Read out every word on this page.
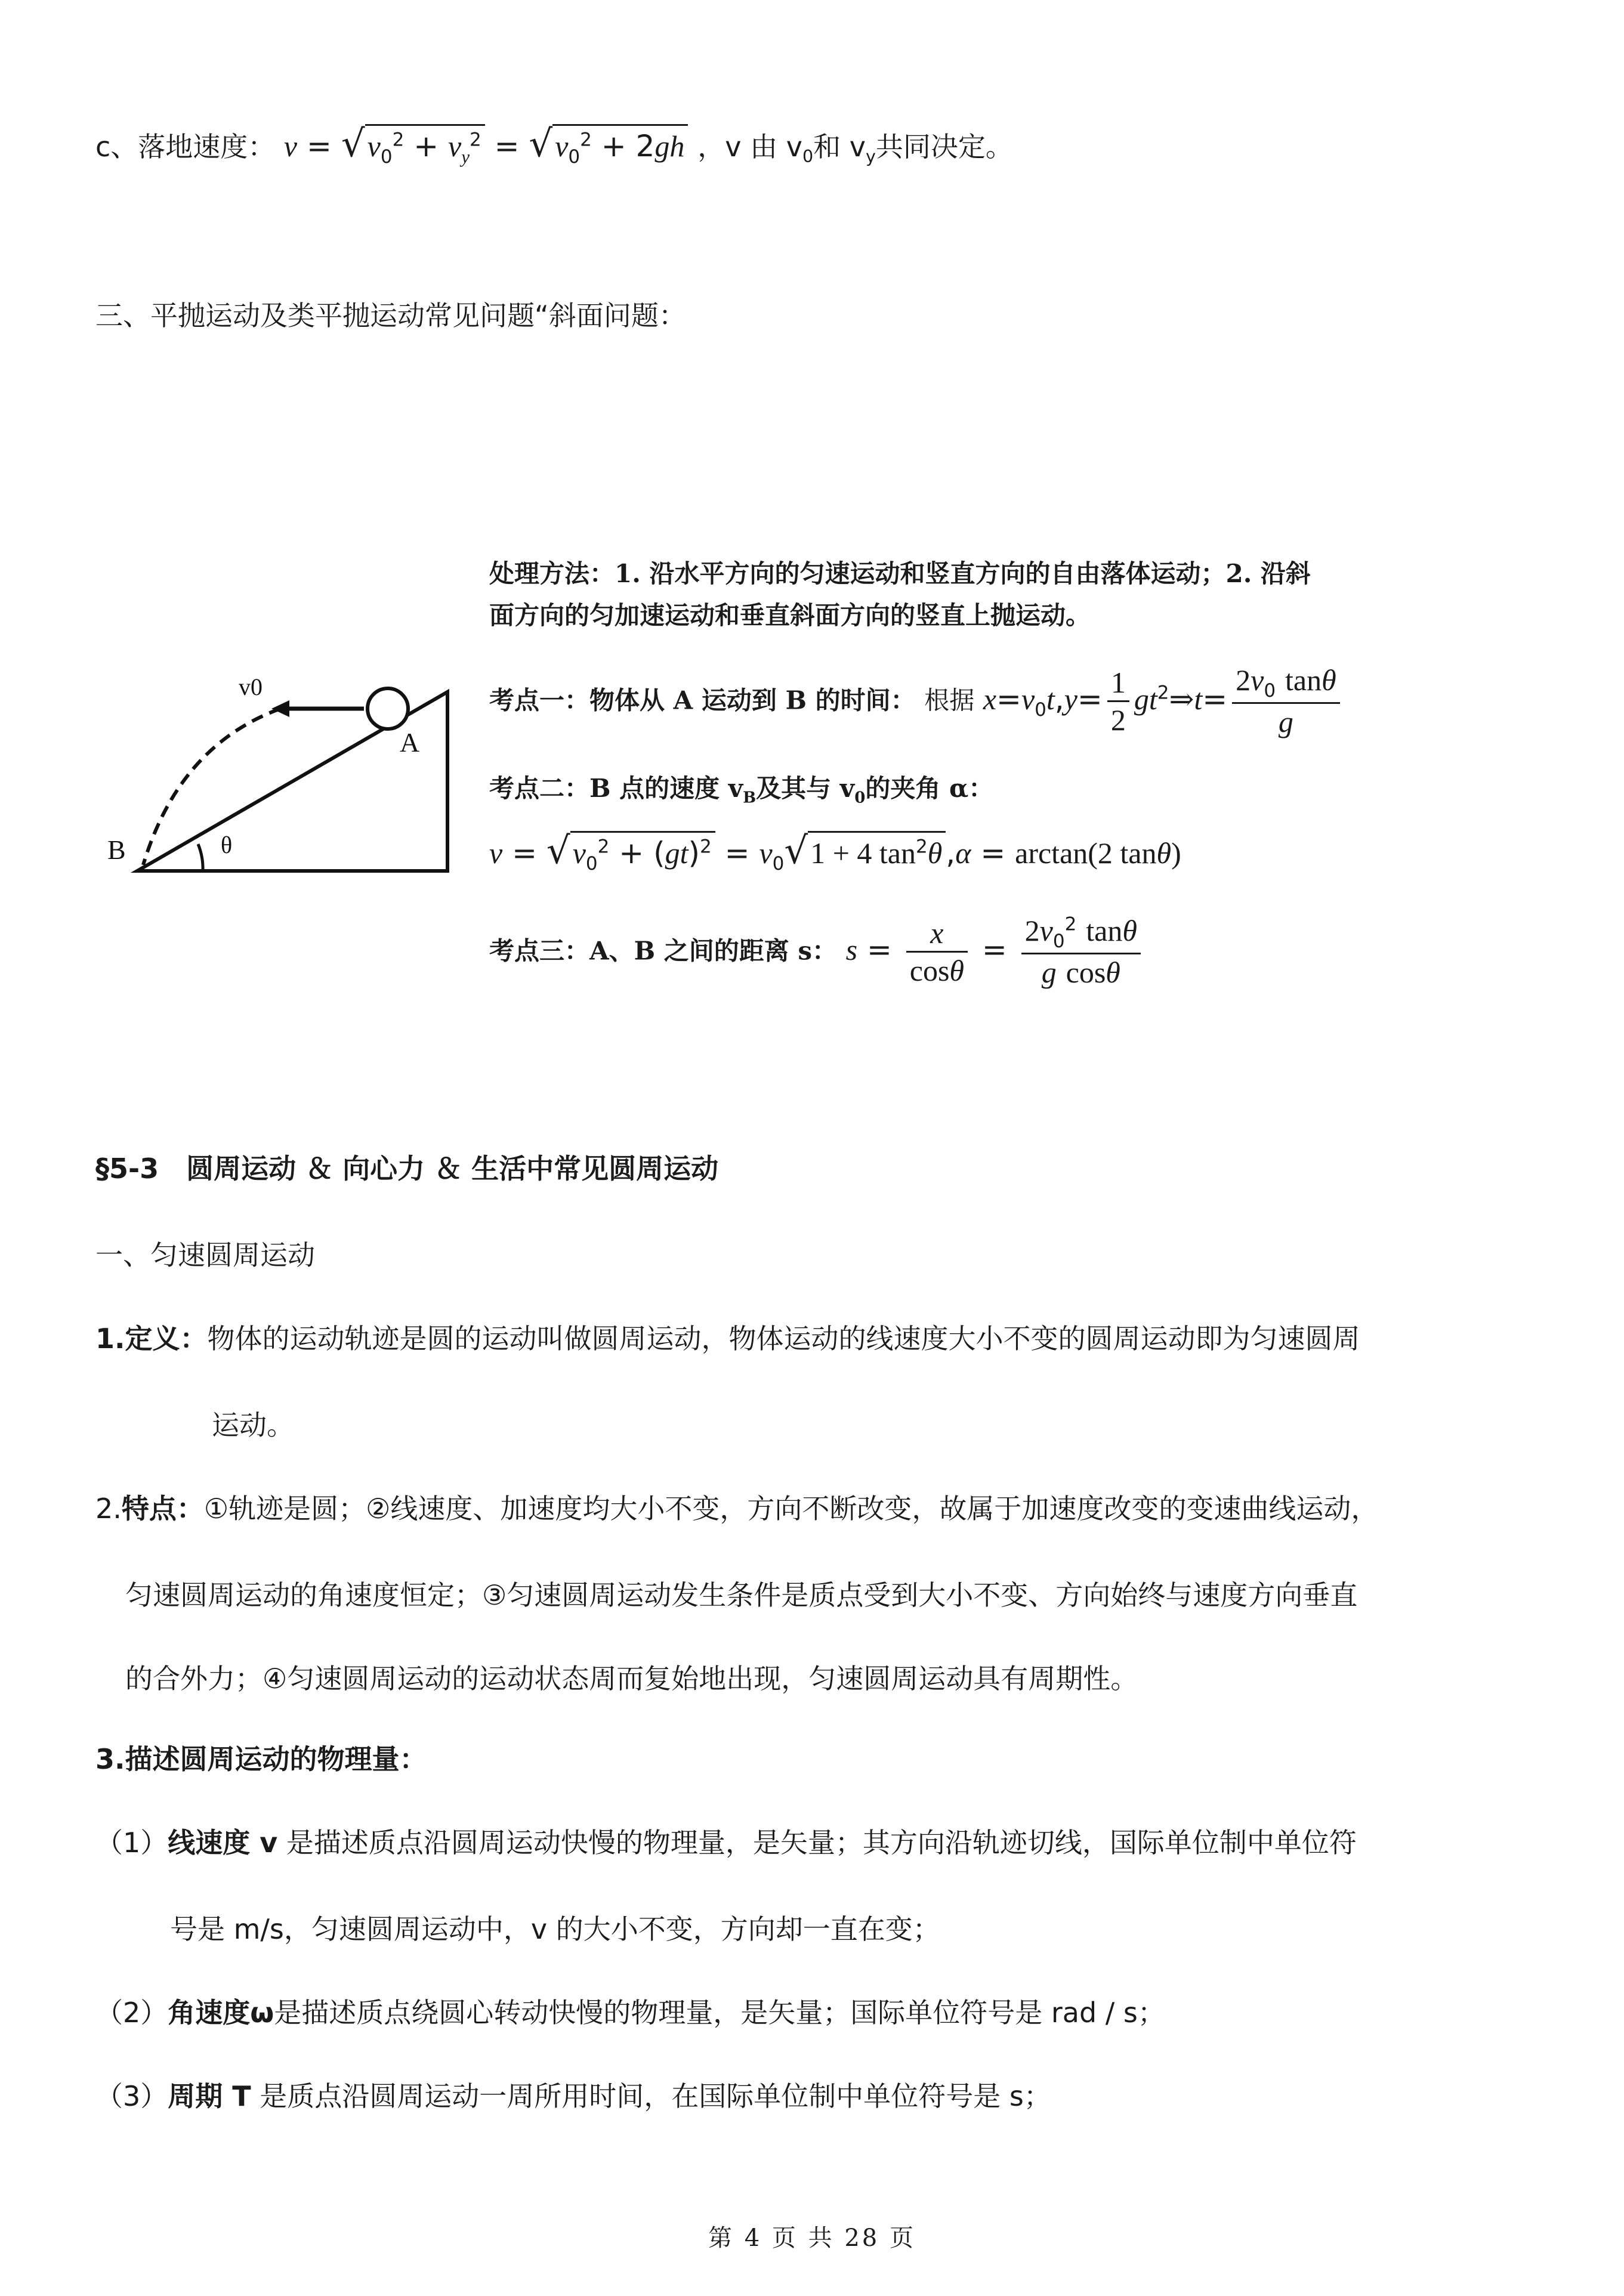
c、落地速度： $v = √v_0^2 + v_y^2 = √v_0^2 + 2gh$ ，v 由 $v_0$和 $v_y$共同决定。
三、平抛运动及类平抛运动常见问题“斜面问题：
v0
A
B	θ
处理方法：1. 沿水平方向的匀速运动和竖直方向的自由落体运动；2. 沿斜
面方向的匀加速运动和垂直斜面方向的竖直上抛运动。
考点一：物体从 A 运动到 B 的时间： 根据 $x=v_0t,y= \frac{1}{2}$ $gt^2\Rightarrow t= \frac{2v_0 \tan\theta}{g}$
考点二：B 点的速度 $v_B$及其与 $v_0$的夹角 α：
$v = √v_0^2 + (gt)^2 = v_0√1 + 4$ $\tan^2\theta$ ,α = arctan(2 tanθ)
考点三：A、B 之间的距离 s： $s = \frac{x}{\cos\theta} = \frac{2v_0^2 \tan\theta}{\text{g cosθ}}$
§5-3　圆周运动 ＆ 向心力 ＆ 生活中常见圆周运动
一、匀速圆周运动
1.定义：物体的运动轨迹是圆的运动叫做圆周运动，物体运动的线速度大小不变的圆周运动即为匀速圆周
运动。
2.特点：①轨迹是圆；②线速度、加速度均大小不变，方向不断改变，故属于加速度改变的变速曲线运动，
匀速圆周运动的角速度恒定；③匀速圆周运动发生条件是质点受到大小不变、方向始终与速度方向垂直
的合外力；④匀速圆周运动的运动状态周而复始地出现，匀速圆周运动具有周期性。
3.描述圆周运动的物理量：
（1）线速度 v 是描述质点沿圆周运动快慢的物理量，是矢量；其方向沿轨迹切线，国际单位制中单位符
号是 m/s，匀速圆周运动中，v 的大小不变，方向却一直在变；
（2）角速度ω是描述质点绕圆心转动快慢的物理量，是矢量；国际单位符号是 rad / s；
（3）周期 T 是质点沿圆周运动一周所用时间，在国际单位制中单位符号是 s；
第 4 页 共 28 页
